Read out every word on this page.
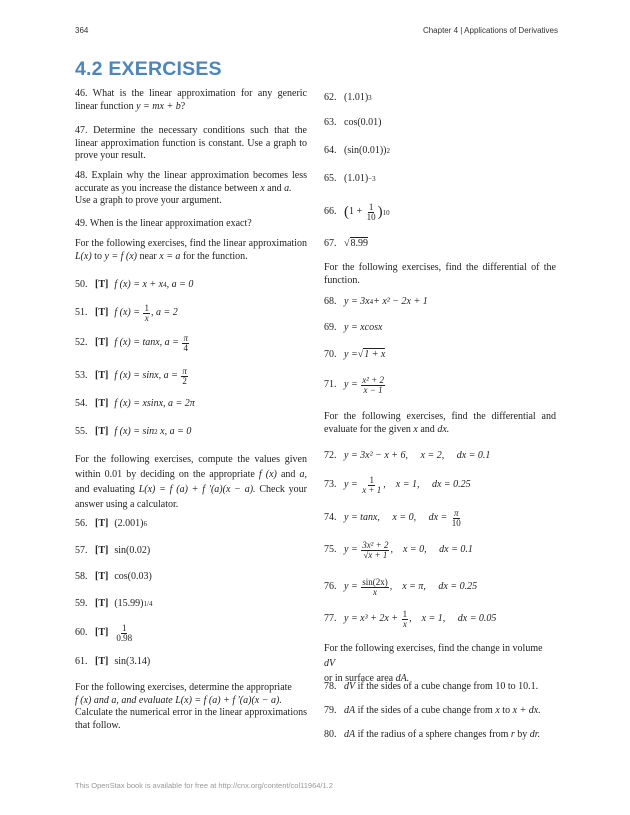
364	Chapter 4 | Applications of Derivatives
4.2 EXERCISES
46. What is the linear approximation for any generic linear function y = mx + b?
47. Determine the necessary conditions such that the linear approximation function is constant. Use a graph to prove your result.
48. Explain why the linear approximation becomes less accurate as you increase the distance between x and a.
Use a graph to prove your argument.
49. When is the linear approximation exact?
For the following exercises, find the linear approximation L(x) to y = f (x) near x = a for the function.
50. [T] f (x) = x + x 4 , a = 0
51. [T] f (x) =
$\frac{1}{x}$ , a = 2
52. [T] f (x) = tanx, a =
$\frac{\pi}{4}$
53. [T] f (x) = sinx, a =
$\frac{\pi}{2}$
54. [T] f (x) = xsinx, a = 2π
55. [T] f (x) = sin 2
x, a = 0
For the following exercises, compute the values given within 0.01 by deciding on the appropriate f (x) and a, and evaluating L(x) = f (a) + f ′(a)(x − a). Check your answer using a calculator.
56. [T] (2.001) 6
57. [T] sin(0.02)
58. [T] cos(0.03)
59. [T] (15.99) 1/4
60. $[T] \frac{1}{0.98}$
61. [T] sin(3.14)
For the following exercises, determine the appropriate
f (x) and a, and evaluate L(x) = f (a) + f ′(a)(x − a).
Calculate the numerical error in the linear approximations that follow.
62. (1.01) 3
63. cos(0.01)
64. (sin(0.01)) 2
65. (1.01) −3
66. ( 1 +
$\frac{1}{10}$ ) 10
67. √ 8.99
For the following exercises, find the differential of the function.
68. y = 3x 4 + x² − 2x + 1
69. y = xcosx
70. y = √ 1 + x
71. y =
$\frac{\text{x² + 2}}{x - 1}$
For the following exercises, find the differential and evaluate for the given x and dx.
72. y = 3x² − x + 6,     x = 2,     dx = 0.1
73. y =
$\frac{1}{x + 1}$ ,    x = 1,     dx = 0.25
74. y = tanx,     x = 0,     dx =
$\frac{\pi}{10}$
75. y =
$\frac{\text{3x² + 2}}{√x + 1}$ ,    x = 0,     dx = 0.1
76. y =
$\frac{\sin(2x)}{x}$ ,    x = π,     dx = 0.25
77. y = x³ + 2x +
$\frac{1}{x}$ ,    x = 1,     dx = 0.05
For the following exercises, find the change in volume dV
or in surface area dA.
78.   dV if the sides of a cube change from 10 to 10.1.
79.   dA if the sides of a cube change from x to x + dx.
80.   dA if the radius of a sphere changes from r by dr.
This OpenStax book is available for free at http://cnx.org/content/col11964/1.2
